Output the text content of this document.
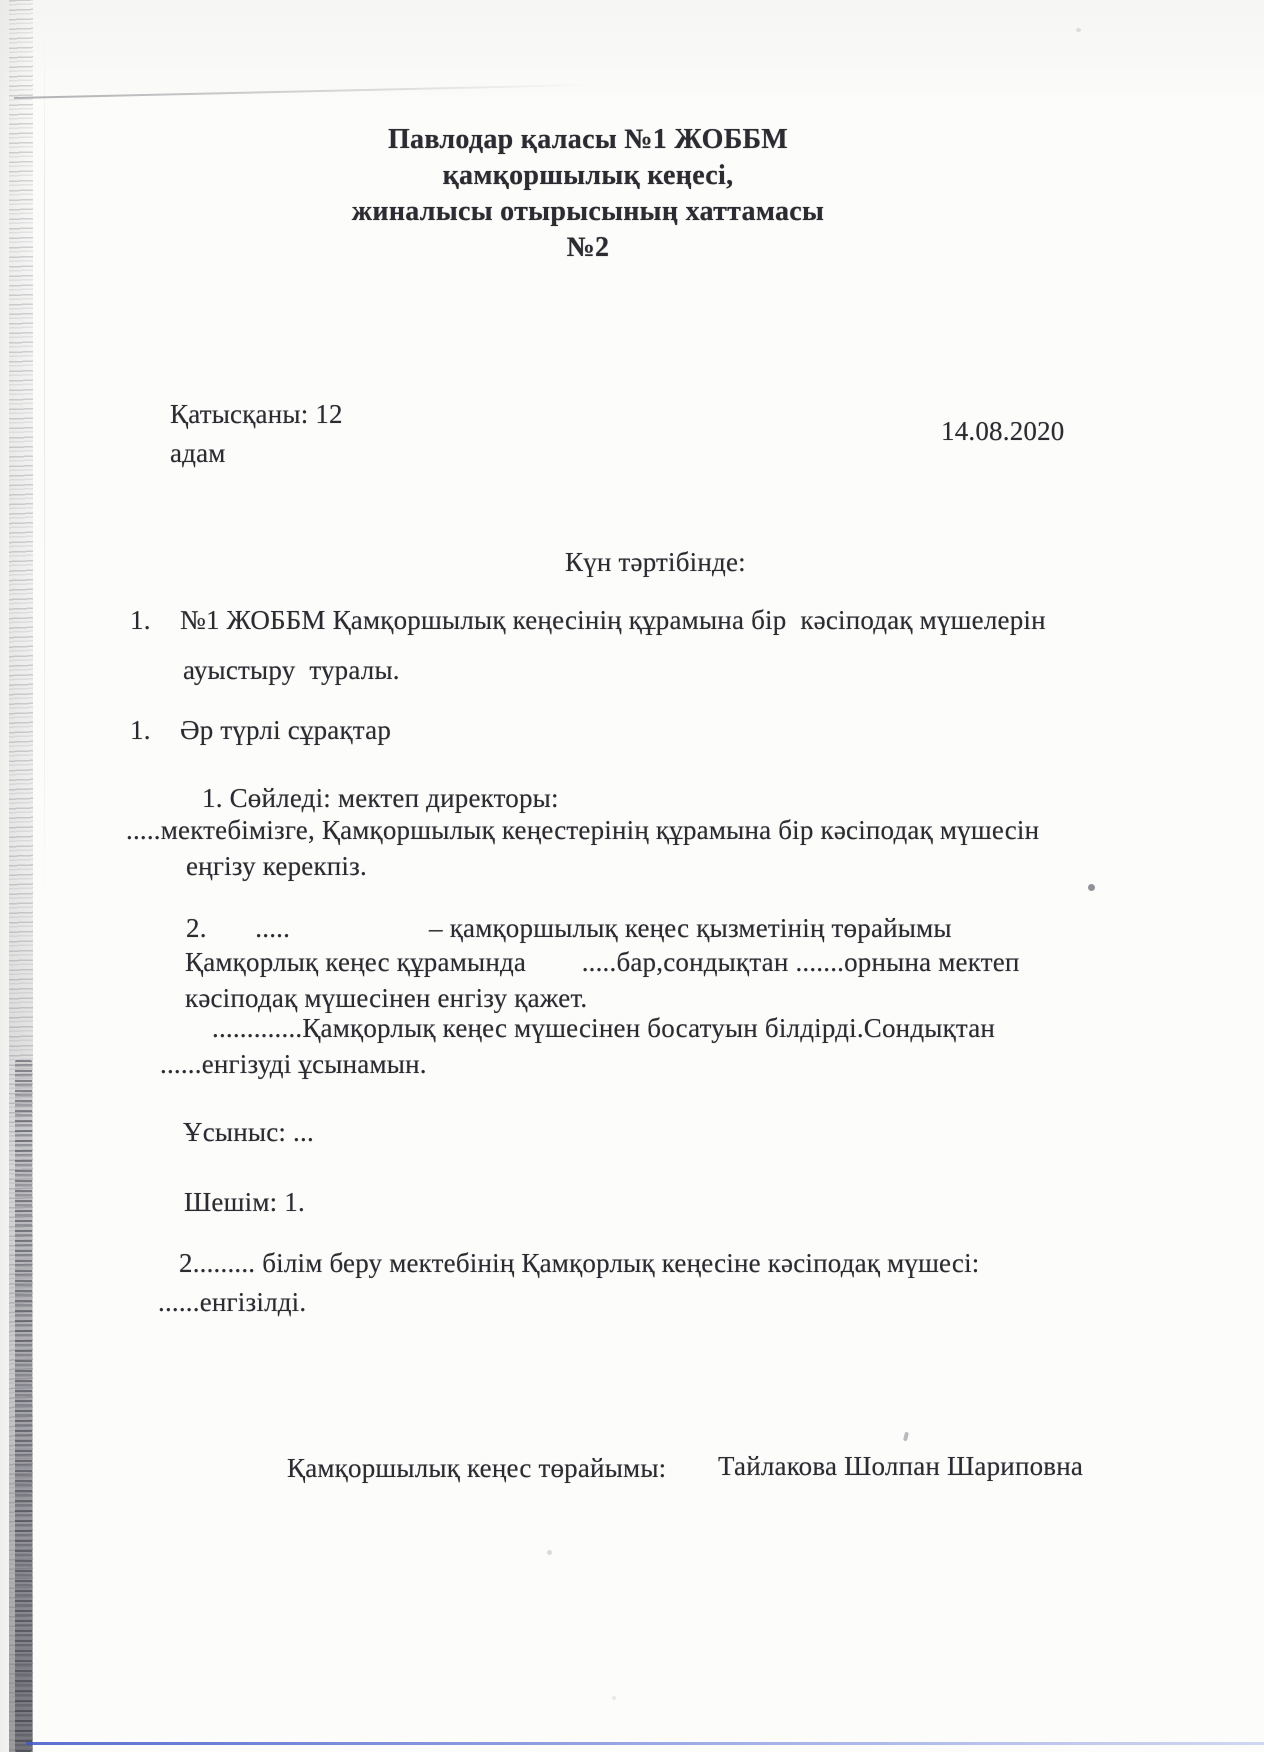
Павлодар қаласы №1 ЖОББМ
қамқоршылық кеңесі,
жиналысы отырысының хаттамасы
№2
Қатысқаны: 12
адам
14.08.2020
Күн тәртібінде:
1. №1 ЖОББМ Қамқоршылық кеңесінің құрамына бір  кәсіподақ мүшелерін
ауыстыру  туралы.
1. Әр түрлі сұрақтар
1. Сөйледі: мектеп директоры:
.....мектебімізге, Қамқоршылық кеңестерінің құрамына бір кәсіподақ мүшесін
еңгізу керекпіз.
2.       .....                    – қамқоршылық кеңес қызметінің төрайымы
Қамқорлық кеңес құрамында        .....бар,сондықтан .......орнына мектеп
кәсіподақ мүшесінен енгізу қажет.
.............Қамқорлық кеңес мүшесінен босатуын білдірді.Сондықтан
......енгізуді ұсынамын.
Ұсыныс: ...
Шешім: 1.
2......... білім беру мектебінің Қамқорлық кеңесіне кәсіподақ мүшесі:
......енгізілді.
Қамқоршылық кеңес төрайымы: Тайлакова Шолпан Шариповна
